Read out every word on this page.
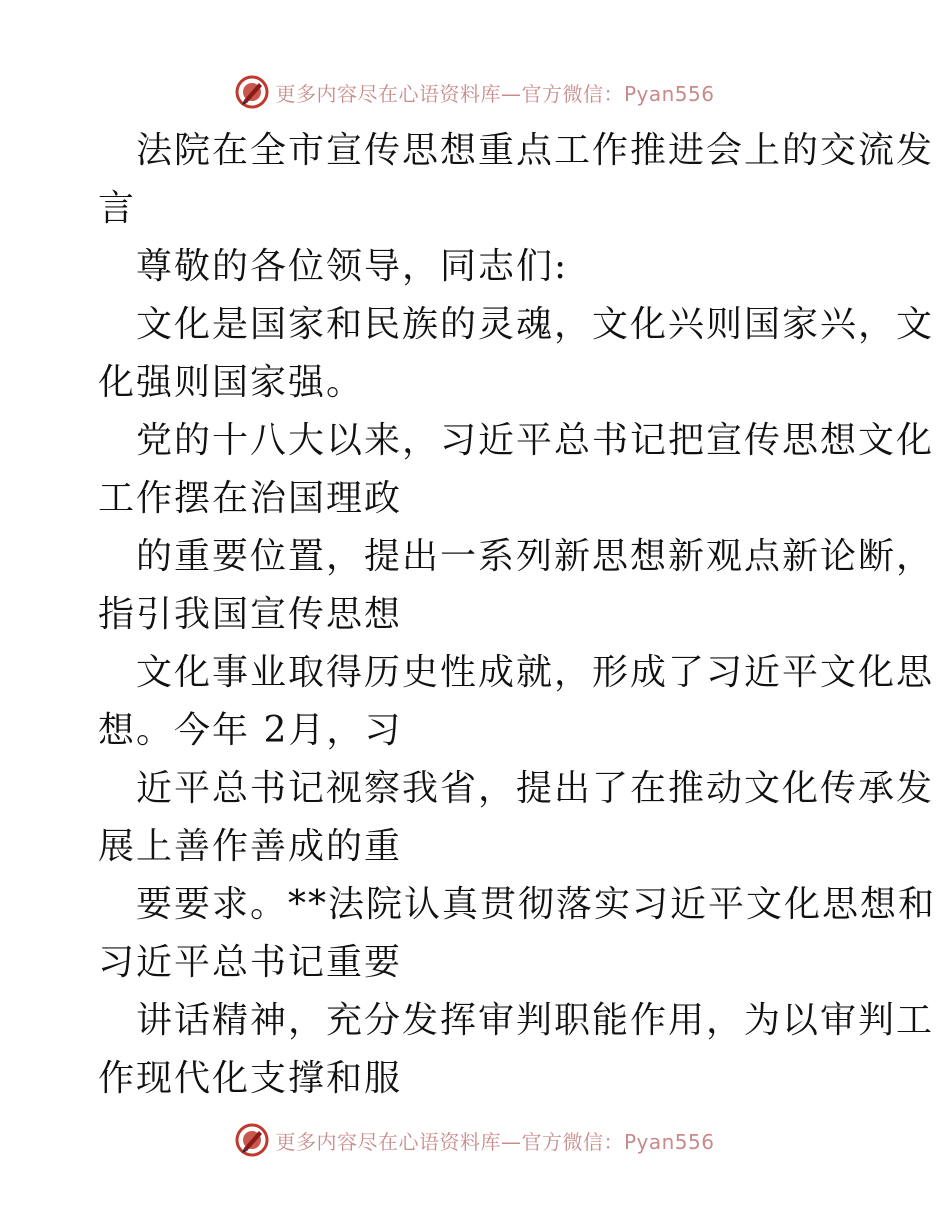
更多内容尽在心语资料库—官方微信：Pyan556
法院在全市宣传思想重点工作推进会上的交流发
言
尊敬的各位领导，同志们:
文化是国家和民族的灵魂，文化兴则国家兴，文
化强则国家强。
党的十八大以来，习近平总书记把宣传思想文化
工作摆在治国理政
的重要位置，提出一系列新思想新观点新论断，
指引我国宣传思想
文化事业取得历史性成就，形成了习近平文化思
想。今年 2月，习
近平总书记视察我省，提出了在推动文化传承发
展上善作善成的重
要要求。**法院认真贯彻落实习近平文化思想和
习近平总书记重要
讲话精神，充分发挥审判职能作用，为以审判工
作现代化支撑和服
更多内容尽在心语资料库—官方微信：Pyan556
